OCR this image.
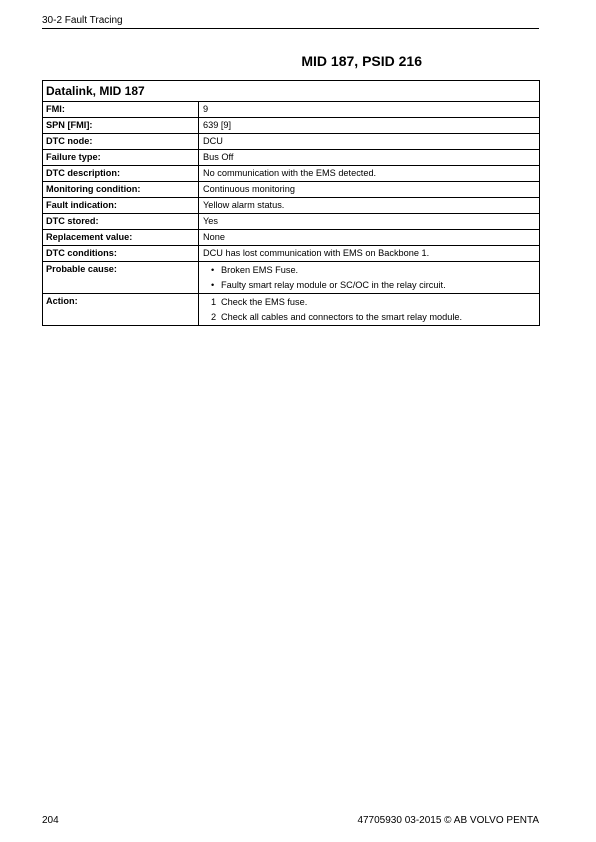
30-2 Fault Tracing
MID 187, PSID 216
Datalink, MID 187	
FMI:	9
SPN [FMI]:	639 [9]
DTC node:	DCU
Failure type:	Bus Off
DTC description:	No communication with the EMS detected.
Monitoring condition:	Continuous monitoring
Fault indication:	Yellow alarm status.
DTC stored:	Yes
Replacement value:	None
DTC conditions:	DCU has lost communication with EMS on Backbone 1.
Probable cause:	• Broken EMS Fuse.
• Faulty smart relay module or SC/OC in the relay circuit.

Action:	1 Check the EMS fuse.
2 Check all cables and connectors to the smart relay module.
204	47705930 03-2015 © AB VOLVO PENTA
